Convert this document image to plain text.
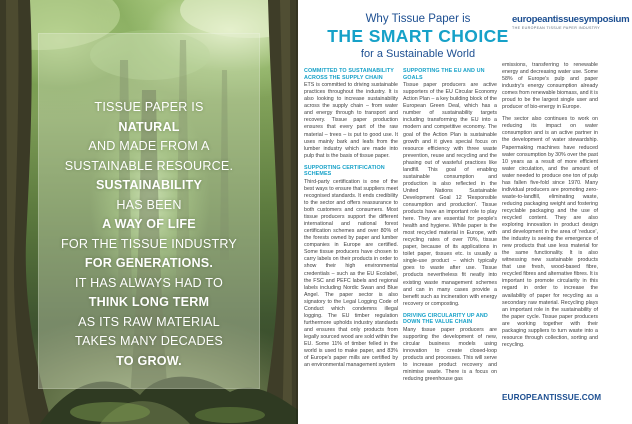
TISSUE PAPER IS
NATURAL
AND MADE FROM A
SUSTAINABLE RESOURCE.
SUSTAINABILITY
HAS BEEN
A WAY OF LIFE
FOR THE TISSUE INDUSTRY
FOR GENERATIONS.
IT HAS ALWAYS HAD TO
THINK LONG TERM
AS ITS RAW MATERIAL
TAKES MANY DECADES
TO GROW.
Why Tissue Paper is
THE SMART CHOICE
for a Sustainable World
europeantissuesymposium
THE EUROPEAN TISSUE PAPER INDUSTRY
COMMITTED TO SUSTAINABILITY ACROSS THE SUPPLY CHAIN

ETS is committed to driving sustainable practices throughout the industry. It is also looking to increase sustainability across the supply chain – from water and energy through to transport and recovery. Tissue paper production ensures that every part of the raw material – trees – is put to good use. It uses mainly bark and leafs from the lumber industry which are made into pulp that is the basis of tissue paper.

SUPPORTING CERTIFICATION SCHEMES

Third-party certification is one of the best ways to ensure that suppliers meet recognised standards. It ends credibility to the sector and offers reassurance to both customers and consumers. Most tissue producers support the different international and national forest certification schemes and over 80% of the forests owned by paper and lumber companies in Europe are certified. Some tissue producers have chosen to carry labels on their products in order to show their high environmental credentials – such as the EU Ecolabel, the FSC and PEFC labels and regional labels including Nordic Swan and Blue Angel. The paper sector is also signatory to the Legal Logging Code of Conduct which condemns illegal logging. The EU timber regulation furthermore upholds industry standards and ensures that only products from legally sourced wood are sold within the EU. Some 11% of timber felled in the world is used to make paper, and 83% of Europe's paper mills are certified by an environmental management system

SUPPORTING THE EU AND UN GOALS

Tissue paper producers are active supporters of the EU Circular Economy Action Plan – a key building block of the European Green Deal, which has a number of sustainability targets including transforming the EU into a modern and competitive economy. The goal of the Action Plan is sustainable growth and it gives special focus on resource efficiency with three waste prevention, reuse and recycling and the phasing out of wasteful practices like landfill. This goal of enabling sustainable consumption and production is also reflected in the United Nations Sustainable Development Goal 12 'Responsible consumption and production'. Tissue products have an important role to play here. They are essential for people's health and hygiene. While paper is the most recycled material in Europe, with recycling rates of over 70%, tissue paper, because of its applications in toilet paper, tissues etc. is usually a single-use product – which typically goes to waste after use. Tissue products nevertheless fit neatly into existing waste management schemes and can in many cases provide a benefit such as incineration with energy recovery or composting.

DRIVING CIRCULARITY UP AND DOWN THE VALUE CHAIN

Many tissue paper producers are supporting the development of new, circular business models using innovation to create closed-loop products and processes. This will serve to increase product recovery and minimise waste. There is a focus on reducing greenhouse gas

emissions, transferring to renewable energy and decreasing water use. Some 58% of Europe's pulp and paper industry's energy consumption already comes from renewable biomass, and it is proud to be the largest single user and producer of bio-energy in Europe.

The sector also continues to work on reducing its impact on water consumption and is an active partner in the development of water stewardship. Papermaking machines have reduced water consumption by 30% over the past 10 years as a result of more efficient water circulation, and the amount of water needed to produce one ton of pulp has fallen five-fold since 1970. Many individual producers are promoting zero-waste-to-landfill, eliminating waste, reducing packaging weight and fostering recyclable packaging and the use of recycled content. They are also exploring innovation in product design and development in the area of 'reduce', the industry is seeing the emergence of new products that use less material for the same functionality. It is also witnessing new sustainable products that use fresh, wood-based fibre, recycled fibres and alternative fibres. It is important to promote circularity in this regard in order to increase the availability of paper for recycling as a secondary raw material. Recycling plays an important role in the sustainability of the paper cycle. Tissue paper producers are working together with their packaging suppliers to turn waste into a resource through collection, sorting and recycling.

EUROPEANTISSUE.COM
